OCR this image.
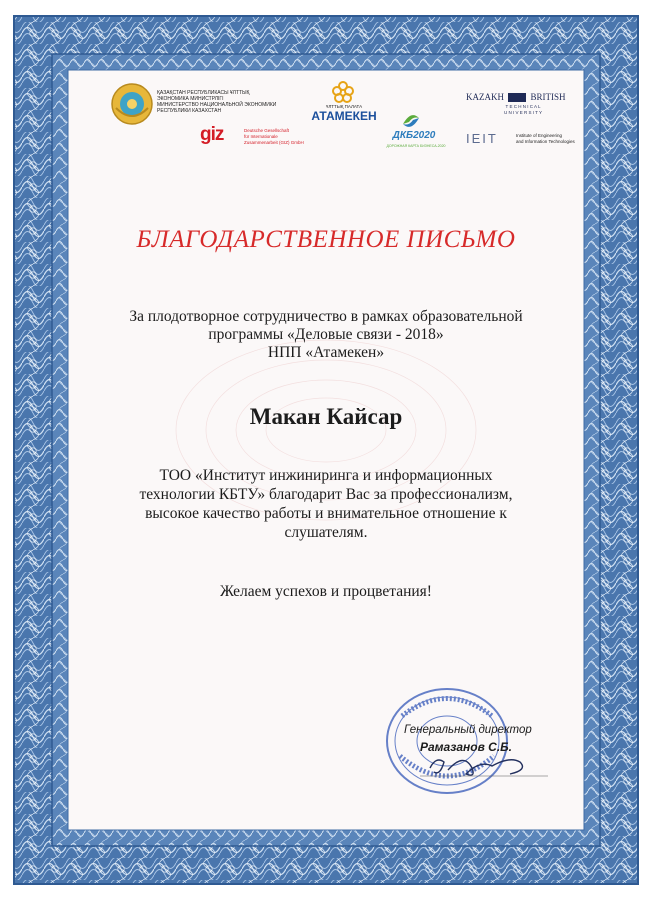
ҚАЗАҚСТАН РЕСПУБЛИКАСЫ ҰЛТТЫҚ
ЭКОНОМИКА МИНИСТРЛІГІ
МИНИСТЕРСТВО НАЦИОНАЛЬНОЙ ЭКОНОМИКИ
РЕСПУБЛИКИ КАЗАХСТАН
ҰЛТТЫҚ ПАЛАТА
АТАМЕКЕН
giz	Deutsche Gesellschaft
für Internationale
Zusammenarbeit (GIZ) GmbH
ДКБ2020
ДОРОЖНАЯ КАРТА БИЗНЕСА-2020
KAZAKH	BRITISH
T E C H N I C A L
U N I V E R S I T Y
IEIT	Institute of Engineering
and Information Technologies
БЛАГОДАРСТВЕННОЕ ПИСЬМО
За плодотворное сотрудничество в рамках образовательной
программы «Деловые связи - 2018»
НПП «Атамекен»
Макан Кайсар
ТОО «Институт инжиниринга и информационных
технологии КБТУ» благодарит Вас за профессионализм,
высокое качество работы и внимательное отношение к
слушателям.
Желаем успехов и процветания!
Генеральный директор
Рамазанов С.Б.
